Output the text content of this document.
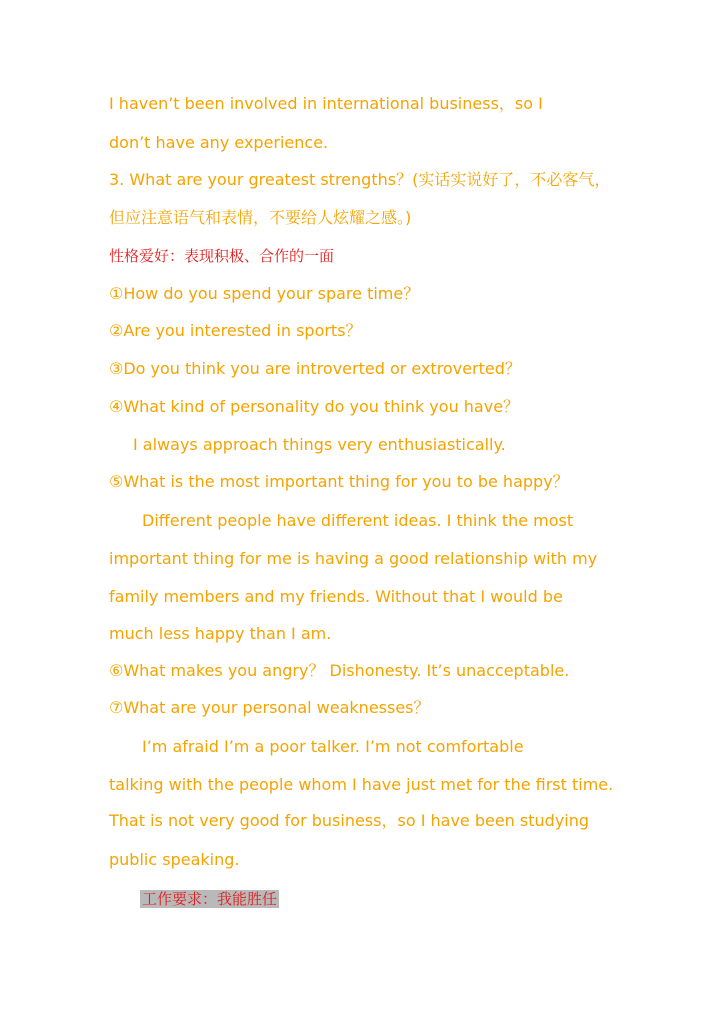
I haven’t been involved in international business，so I
don’t have any experience.
3. What are your greatest strengths？(实话实说好了，不必客气，
但应注意语气和表情，不要给人炫耀之感。)
性格爱好：表现积极、合作的一面
①How do you spend your spare time？
②Are you interested in sports？
③Do you think you are introverted or extroverted？
④What kind of personality do you think you have？
I always approach things very enthusiastically.
⑤What is the most important thing for you to be happy？
Different people have different ideas. I think the most
important thing for me is having a good relationship with my
family members and my friends. Without that I would be
much less happy than I am.
⑥What makes you angry？ Dishonesty. It’s unacceptable.
⑦What are your personal weaknesses？
I’m afraid I’m a poor talker. I’m not comfortable
talking with the people whom I have just met for the first time.
That is not very good for business，so I have been studying
public speaking.
工作要求：我能胜任
